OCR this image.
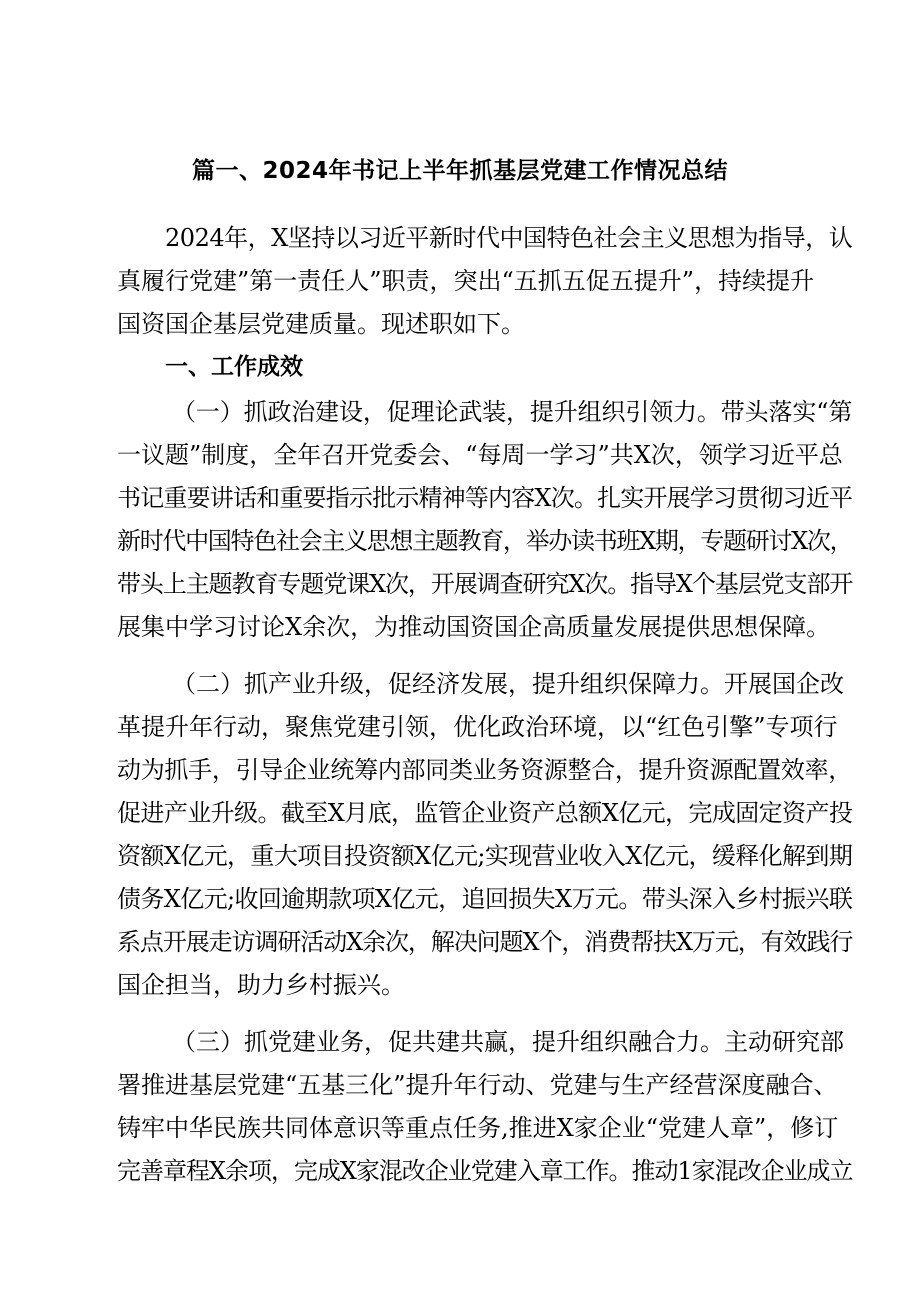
篇一、2024年书记上半年抓基层党建工作情况总结

2024年，X坚持以习近平新时代中国特色社会主义思想为指导，认

真履行党建”第一责任人”职责，突出“五抓五促五提升”，持续提升

国资国企基层党建质量。现述职如下。

一、工作成效

（一）抓政治建设，促理论武装，提升组织引领力。带头落实“第

一议题”制度，全年召开党委会、“每周一学习”共X次，领学习近平总

书记重要讲话和重要指示批示精神等内容X次。扎实开展学习贯彻习近平

新时代中国特色社会主义思想主题教育，举办读书班X期，专题研讨X次，

带头上主题教育专题党课X次，开展调查研究X次。指导X个基层党支部开

展集中学习讨论X余次，为推动国资国企高质量发展提供思想保障。

（二）抓产业升级，促经济发展，提升组织保障力。开展国企改

革提升年行动，聚焦党建引领，优化政治环境，以“红色引擎”专项行

动为抓手，引导企业统筹内部同类业务资源整合，提升资源配置效率，

促进产业升级。截至X月底，监管企业资产总额X亿元，完成固定资产投

资额X亿元，重大项目投资额X亿元;实现营业收入X亿元，缓释化解到期

债务X亿元;收回逾期款项X亿元，追回损失X万元。带头深入乡村振兴联

系点开展走访调研活动X余次，解决问题X个，消费帮扶X万元，有效践行

国企担当，助力乡村振兴。

（三）抓党建业务，促共建共赢，提升组织融合力。主动研究部

署推进基层党建“五基三化”提升年行动、党建与生产经营深度融合、

铸牢中华民族共同体意识等重点任务,推进X家企业“党建人章”，修订

完善章程X余项，完成X家混改企业党建入章工作。推动1家混改企业成立
